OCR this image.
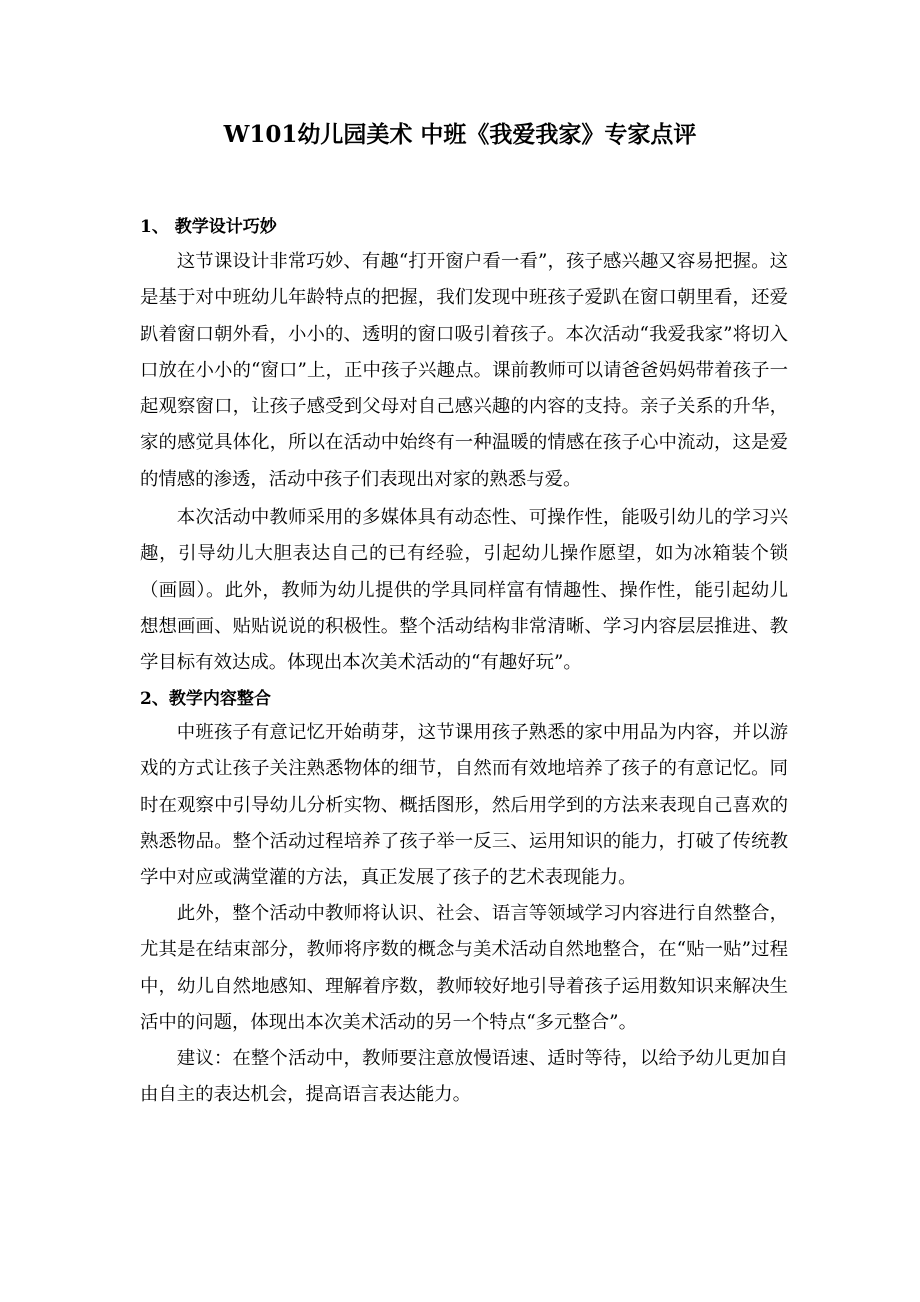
W101幼儿园美术 中班《我爱我家》专家点评
1、 教学设计巧妙

这节课设计非常巧妙、有趣“打开窗户看一看”，孩子感兴趣又容易把握。这是基于对中班幼儿年龄特点的把握，我们发现中班孩子爱趴在窗口朝里看，还爱趴着窗口朝外看，小小的、透明的窗口吸引着孩子。本次活动“我爱我家”将切入口放在小小的“窗口”上，正中孩子兴趣点。课前教师可以请爸爸妈妈带着孩子一起观察窗口，让孩子感受到父母对自己感兴趣的内容的支持。亲子关系的升华，家的感觉具体化，所以在活动中始终有一种温暖的情感在孩子心中流动，这是爱的情感的渗透，活动中孩子们表现出对家的熟悉与爱。

本次活动中教师采用的多媒体具有动态性、可操作性，能吸引幼儿的学习兴趣，引导幼儿大胆表达自己的已有经验，引起幼儿操作愿望，如为冰箱装个锁（画圆）。此外，教师为幼儿提供的学具同样富有情趣性、操作性，能引起幼儿想想画画、贴贴说说的积极性。整个活动结构非常清晰、学习内容层层推进、教学目标有效达成。体现出本次美术活动的“有趣好玩”。

2、教学内容整合

中班孩子有意记忆开始萌芽，这节课用孩子熟悉的家中用品为内容，并以游戏的方式让孩子关注熟悉物体的细节，自然而有效地培养了孩子的有意记忆。同时在观察中引导幼儿分析实物、概括图形，然后用学到的方法来表现自己喜欢的熟悉物品。整个活动过程培养了孩子举一反三、运用知识的能力，打破了传统教学中对应或满堂灌的方法，真正发展了孩子的艺术表现能力。

此外，整个活动中教师将认识、社会、语言等领域学习内容进行自然整合，尤其是在结束部分，教师将序数的概念与美术活动自然地整合，在“贴一贴”过程中，幼儿自然地感知、理解着序数，教师较好地引导着孩子运用数知识来解决生活中的问题，体现出本次美术活动的另一个特点“多元整合”。

建议：在整个活动中，教师要注意放慢语速、适时等待，以给予幼儿更加自由自主的表达机会，提高语言表达能力。
